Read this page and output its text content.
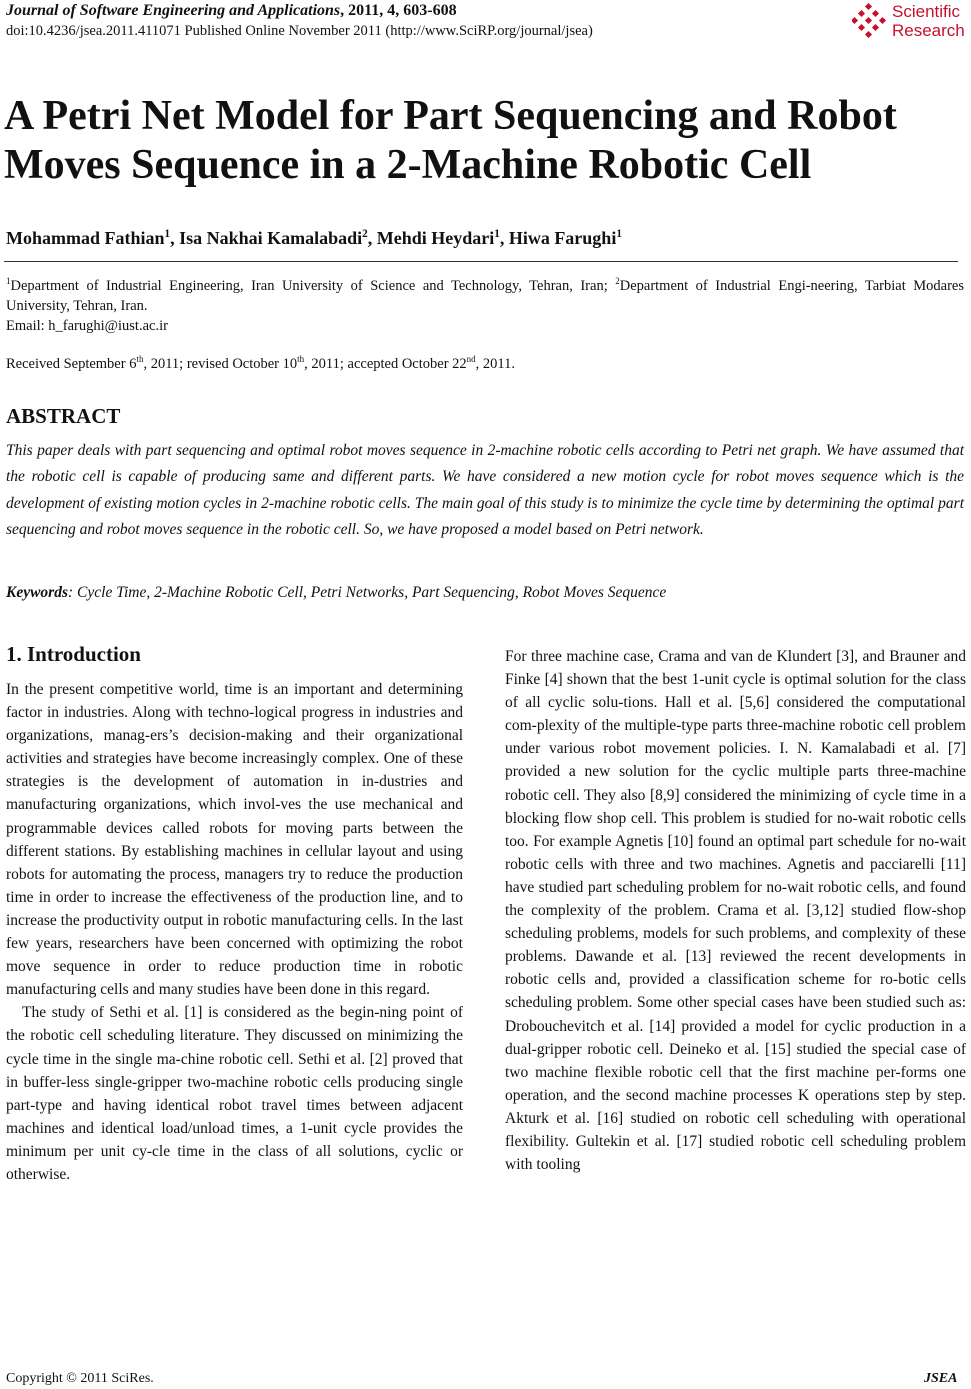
Journal of Software Engineering and Applications, 2011, 4, 603-608
doi:10.4236/jsea.2011.411071 Published Online November 2011 (http://www.SciRP.org/journal/jsea)
Scientific
Research
A Petri Net Model for Part Sequencing and Robot
Moves Sequence in a 2-Machine Robotic Cell
Mohammad Fathian$^1$, Isa Nakhai Kamalabadi$^2$, Mehdi Heydari$^1$, Hiwa Farughi$^1$
$^1$Department of Industrial Engineering, Iran University of Science and Technology, Tehran, Iran; $^2$Department of Industrial Engi-neering, Tarbiat Modares University, Tehran, Iran.
Email: h_farughi@iust.ac.ir
Received September 6th, 2011; revised October 10th, 2011; accepted October 22nd, 2011.
ABSTRACT
This paper deals with part sequencing and optimal robot moves sequence in 2-machine robotic cells according to Petri net graph. We have assumed that the robotic cell is capable of producing same and different parts. We have considered a new motion cycle for robot moves sequence which is the development of existing motion cycles in 2-machine robotic cells. The main goal of this study is to minimize the cycle time by determining the optimal part sequencing and robot moves sequence in the robotic cell. So, we have proposed a model based on Petri network.
Keywords: Cycle Time, 2-Machine Robotic Cell, Petri Networks, Part Sequencing, Robot Moves Sequence
1. Introduction

In the present competitive world, time is an important and determining factor in industries. Along with techno-logical progress in industries and organizations, manag-ers’s decision-making and their organizational activities and strategies have become increasingly complex. One of these strategies is the development of automation in in-dustries and manufacturing organizations, which invol-ves the use mechanical and programmable devices called robots for moving parts between the different stations. By establishing machines in cellular layout and using robots for automating the process, managers try to reduce the production time in order to increase the effectiveness of the production line, and to increase the productivity output in robotic manufacturing cells. In the last few years, researchers have been concerned with optimizing the robot move sequence in order to reduce production time in robotic manufacturing cells and many studies have been done in this regard.

The study of Sethi et al. [1] is considered as the begin-ning point of the robotic cell scheduling literature. They discussed on minimizing the cycle time in the single ma-chine robotic cell. Sethi et al. [2] proved that in buffer-less single-gripper two-machine robotic cells producing single part-type and having identical robot travel times between adjacent machines and identical load/unload times, a 1-unit cycle provides the minimum per unit cy-cle time in the class of all solutions, cyclic or otherwise.

For three machine case, Crama and van de Klundert [3], and Brauner and Finke [4] shown that the best 1-unit cycle is optimal solution for the class of all cyclic solu-tions. Hall et al. [5,6] considered the computational com-plexity of the multiple-type parts three-machine robotic cell problem under various robot movement policies. I. N. Kamalabadi et al. [7] provided a new solution for the cyclic multiple parts three-machine robotic cell. They also [8,9] considered the minimizing of cycle time in a blocking flow shop cell. This problem is studied for no-wait robotic cells too. For example Agnetis [10] found an optimal part schedule for no-wait robotic cells with three and two machines. Agnetis and pacciarelli [11] have studied part scheduling problem for no-wait robotic cells, and found the complexity of the problem. Crama et al. [3,12] studied flow-shop scheduling problems, models for such problems, and complexity of these problems. Dawande et al. [13] reviewed the recent developments in robotic cells and, provided a classification scheme for ro-botic cells scheduling problem. Some other special cases have been studied such as: Drobouchevitch et al. [14] provided a model for cyclic production in a dual-gripper robotic cell. Deineko et al. [15] studied the special case of two machine flexible robotic cell that the first machine per-forms one operation, and the second machine processes K operations step by step. Akturk et al. [16] studied on robotic cell scheduling with operational flexibility. Gultekin et al. [17] studied robotic cell scheduling problem with tooling

Copyright © 2011 SciRes.	JSEA
